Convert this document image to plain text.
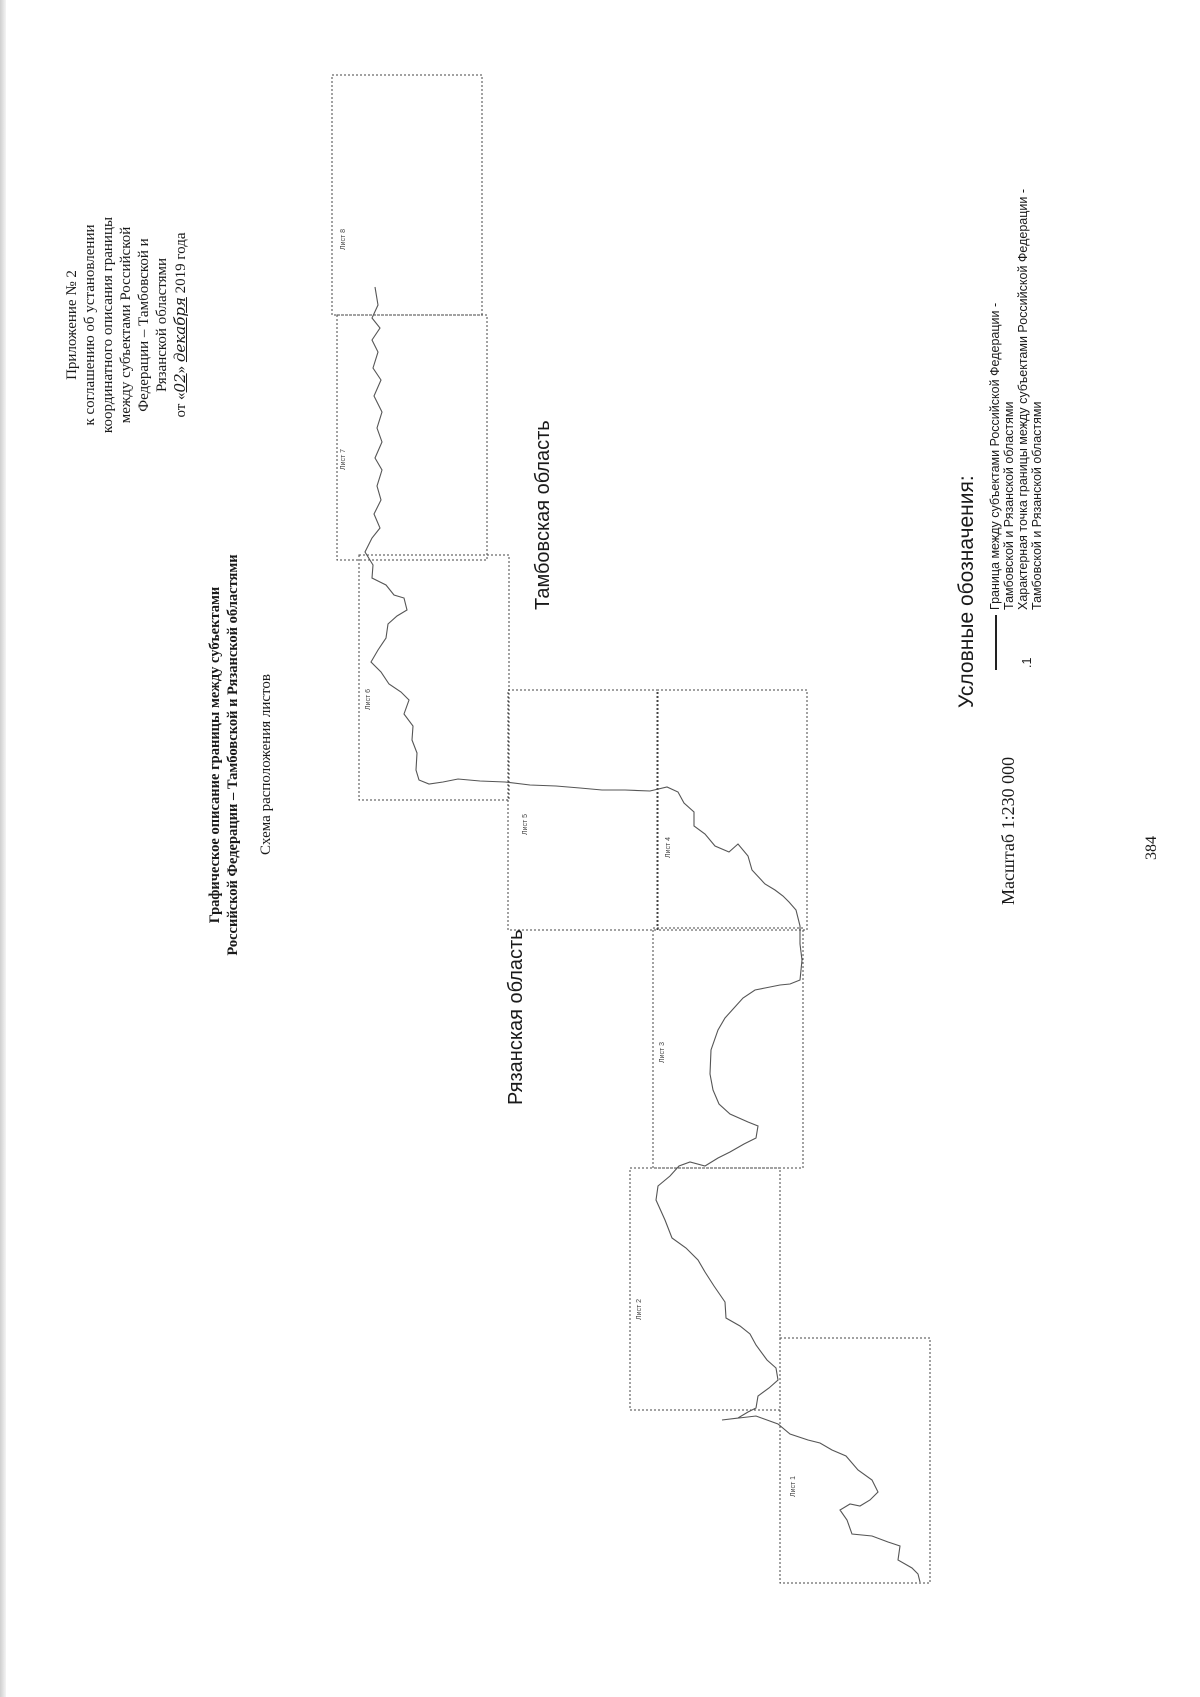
Приложение № 2 к соглашению об установлении координатного описания границы между субъектами Российской Федерации – Тамбовской и Рязанской областями
от «02» декабря 2019 года
Графическое описание границы между субъектами Российской Федерации – Тамбовской и Рязанской областями Схема расположения листов
Тамбовская область
Рязанская область
Лист 8
Лист 7
Лист 6
Лист 5
Лист 4
Лист 3
Лист 2
Лист 1
Масштаб 1:230 000
Условные обозначения: Граница между субъектами Российской Федерации - Тамбовской и Рязанской областями
.1
Характерная точка границы между субъектами Российской Федерации - Тамбовской и Рязанской областями
384
